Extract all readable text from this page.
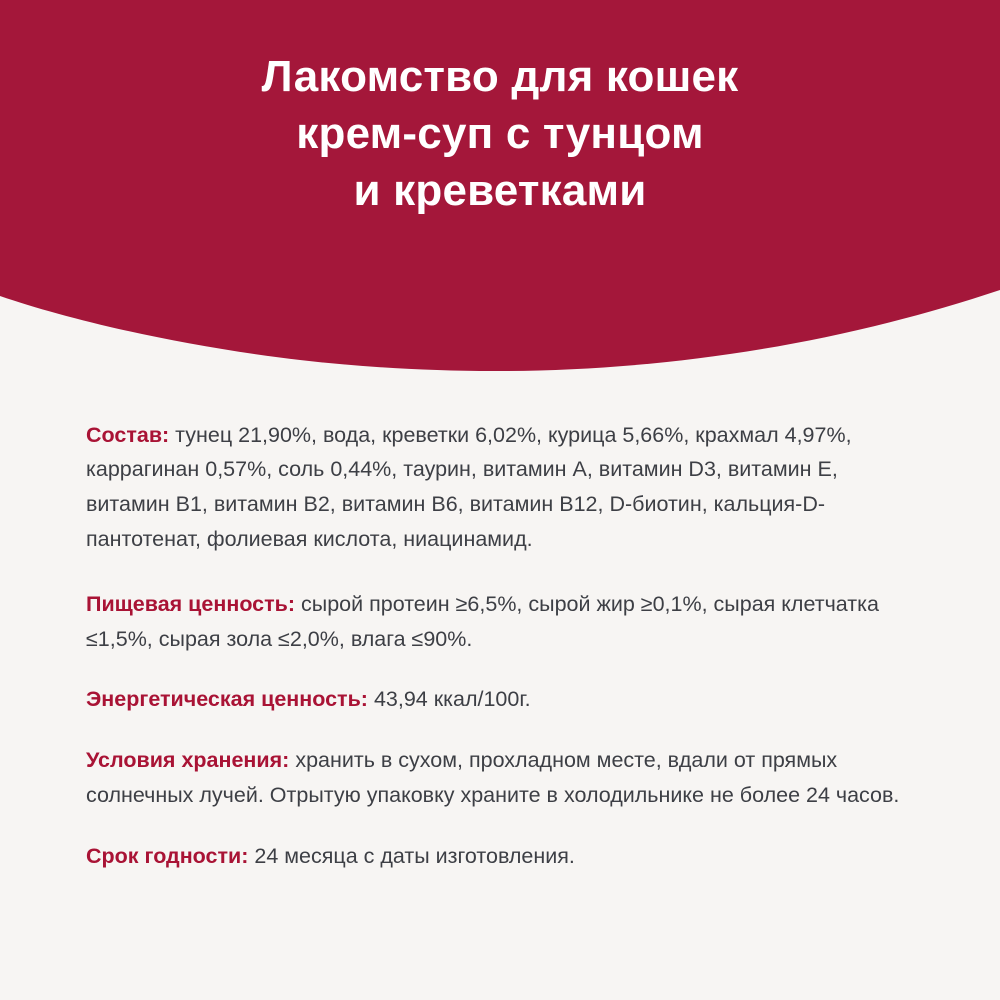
Лакомство для кошек
крем-суп с тунцом
и креветками

Состав: тунец 21,90%, вода, креветки 6,02%, курица 5,66%, крахмал 4,97%, каррагинан 0,57%, соль 0,44%, таурин, витамин A, витамин D3, витамин E, витамин B1, витамин B2, витамин B6, витамин B12, D-биотин, кальция-D-пантотенат, фолиевая кислота, ниацинамид.

Пищевая ценность: сырой протеин ≥6,5%, сырой жир ≥0,1%, сырая клетчатка ≤1,5%, сырая зола ≤2,0%, влага ≤90%.

Энергетическая ценность: 43,94 ккал/100г.

Условия хранения: хранить в сухом, прохладном месте, вдали от прямых солнечных лучей. Отрытую упаковку храните в холодильнике не более 24 часов.

Срок годности: 24 месяца с даты изготовления.
